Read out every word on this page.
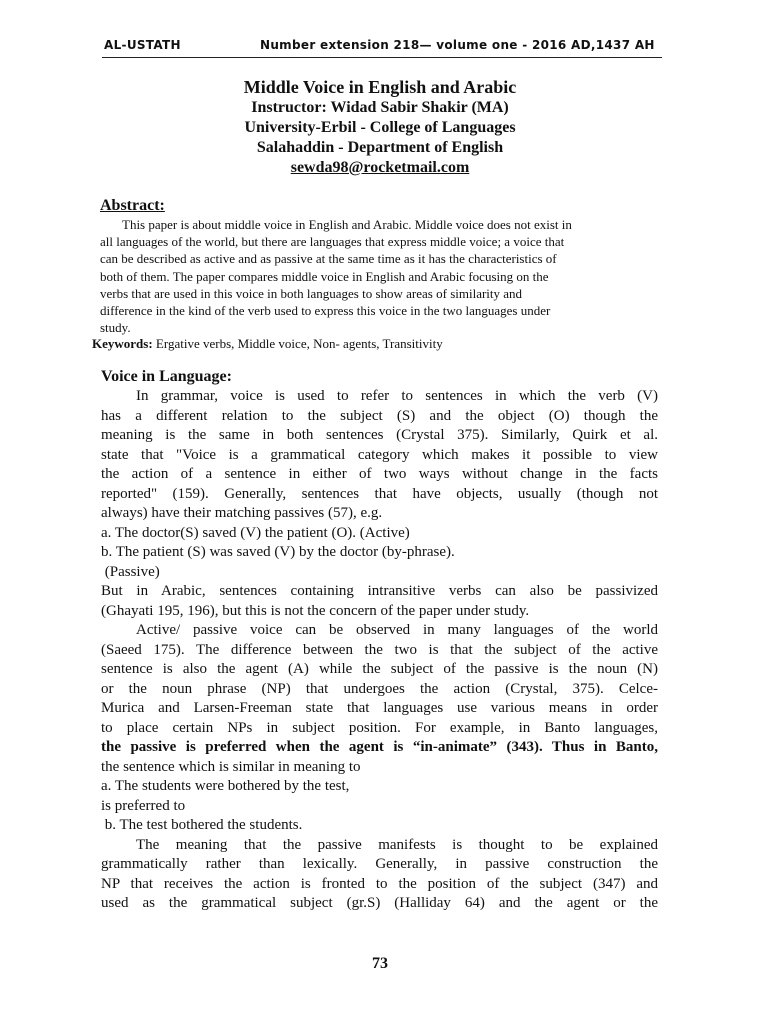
AL-USTATH	Number extension 218— volume one - 2016 AD,1437 AH
Middle Voice in English and Arabic
Instructor: Widad Sabir Shakir (MA)
University-Erbil - College of Languages
Salahaddin - Department of English
sewda98@rocketmail.com
Abstract:
This paper is about middle voice in English and Arabic. Middle voice does not exist in
all languages of the world, but there are languages that express middle voice; a voice that
can be described as active and as passive at the same time as it has the characteristics of
both of them. The paper compares middle voice in English and Arabic focusing on the
verbs that are used in this voice in both languages to show areas of similarity and
difference in the kind of the verb used to express this voice in the two languages under
study.
Keywords: Ergative verbs, Middle voice, Non- agents, Transitivity
Voice in Language:
In grammar, voice is used to refer to sentences in which the verb (V)
has a different relation to the subject (S) and the object (O) though the
meaning is the same in both sentences (Crystal 375). Similarly, Quirk et al.
state that "Voice is a grammatical category which makes it possible to view
the action of a sentence in either of two ways without change in the facts
reported" (159). Generally, sentences that have objects, usually (though not
always) have their matching passives (57), e.g.
a. The doctor(S) saved (V) the patient (O). (Active)
b. The patient (S) was saved (V) by the doctor (by-phrase).
(Passive)
But in Arabic, sentences containing intransitive verbs can also be passivized
(Ghayati 195, 196), but this is not the concern of the paper under study.
Active/ passive voice can be observed in many languages of the world
(Saeed 175). The difference between the two is that the subject of the active
sentence is also the agent (A) while the subject of the passive is the noun (N)
or the noun phrase (NP) that undergoes the action (Crystal, 375). Celce-
Murica and Larsen-Freeman state that languages use various means in order
to place certain NPs in subject position. For example, in Banto languages,
the passive is preferred when the agent is “in-animate” (343). Thus in Banto,
the sentence which is similar in meaning to
a. The students were bothered by the test,
is preferred to
b. The test bothered the students.
The meaning that the passive manifests is thought to be explained
grammatically rather than lexically. Generally, in passive construction the
NP that receives the action is fronted to the position of the subject (347) and
used as the grammatical subject (gr.S) (Halliday 64) and the agent or the
73
